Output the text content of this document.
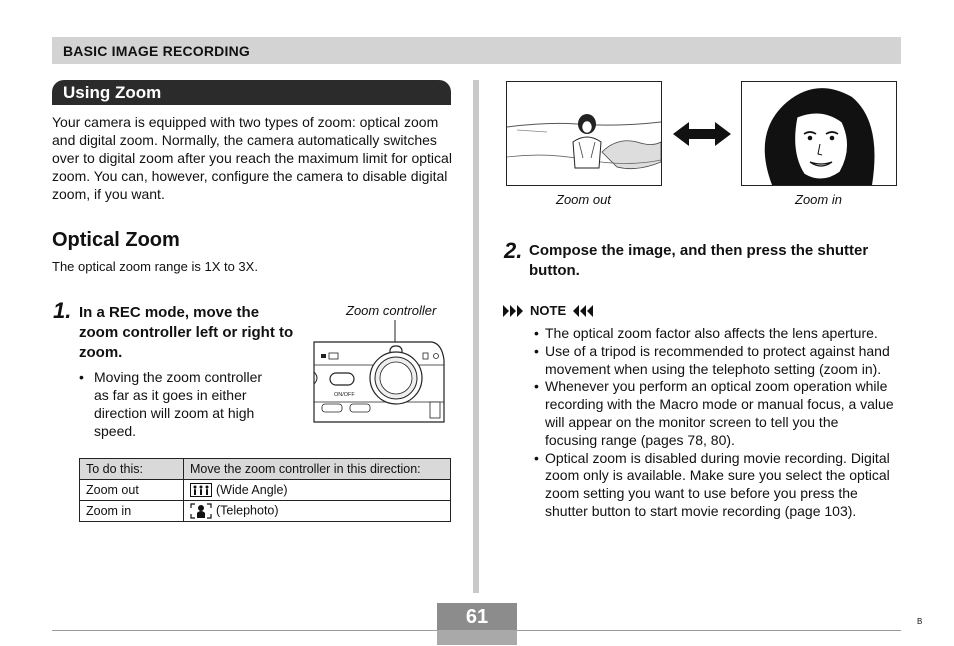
BASIC IMAGE RECORDING
Using Zoom
Your camera is equipped with two types of zoom: optical zoom and digital zoom. Normally, the camera automatically switches over to digital zoom after you reach the maximum limit for optical zoom. You can, however, configure the camera to disable digital zoom, if you want.
Optical Zoom
The optical zoom range is 1X to 3X.
1. In a REC mode, move the zoom controller left or right to zoom.
• Moving the zoom controller as far as it goes in either direction will zoom at high speed.
Zoom controller
ON/OFF
To do this:	Move the zoom controller in this direction:
Zoom out	(Wide Angle)
Zoom in	(Telephoto)
Zoom out	Zoom in
2. Compose the image, and then press the shutter button.
NOTE
• The optical zoom factor also affects the lens aperture.
• Use of a tripod is recommended to protect against hand movement when using the telephoto setting (zoom in).
• Whenever you perform an optical zoom operation while recording with the Macro mode or manual focus, a value will appear on the monitor screen to tell you the focusing range (pages 78, 80).
• Optical zoom is disabled during movie recording. Digital zoom only is available. Make sure you select the optical zoom setting you want to use before you press the shutter button to start movie recording (page 103).
61	B
